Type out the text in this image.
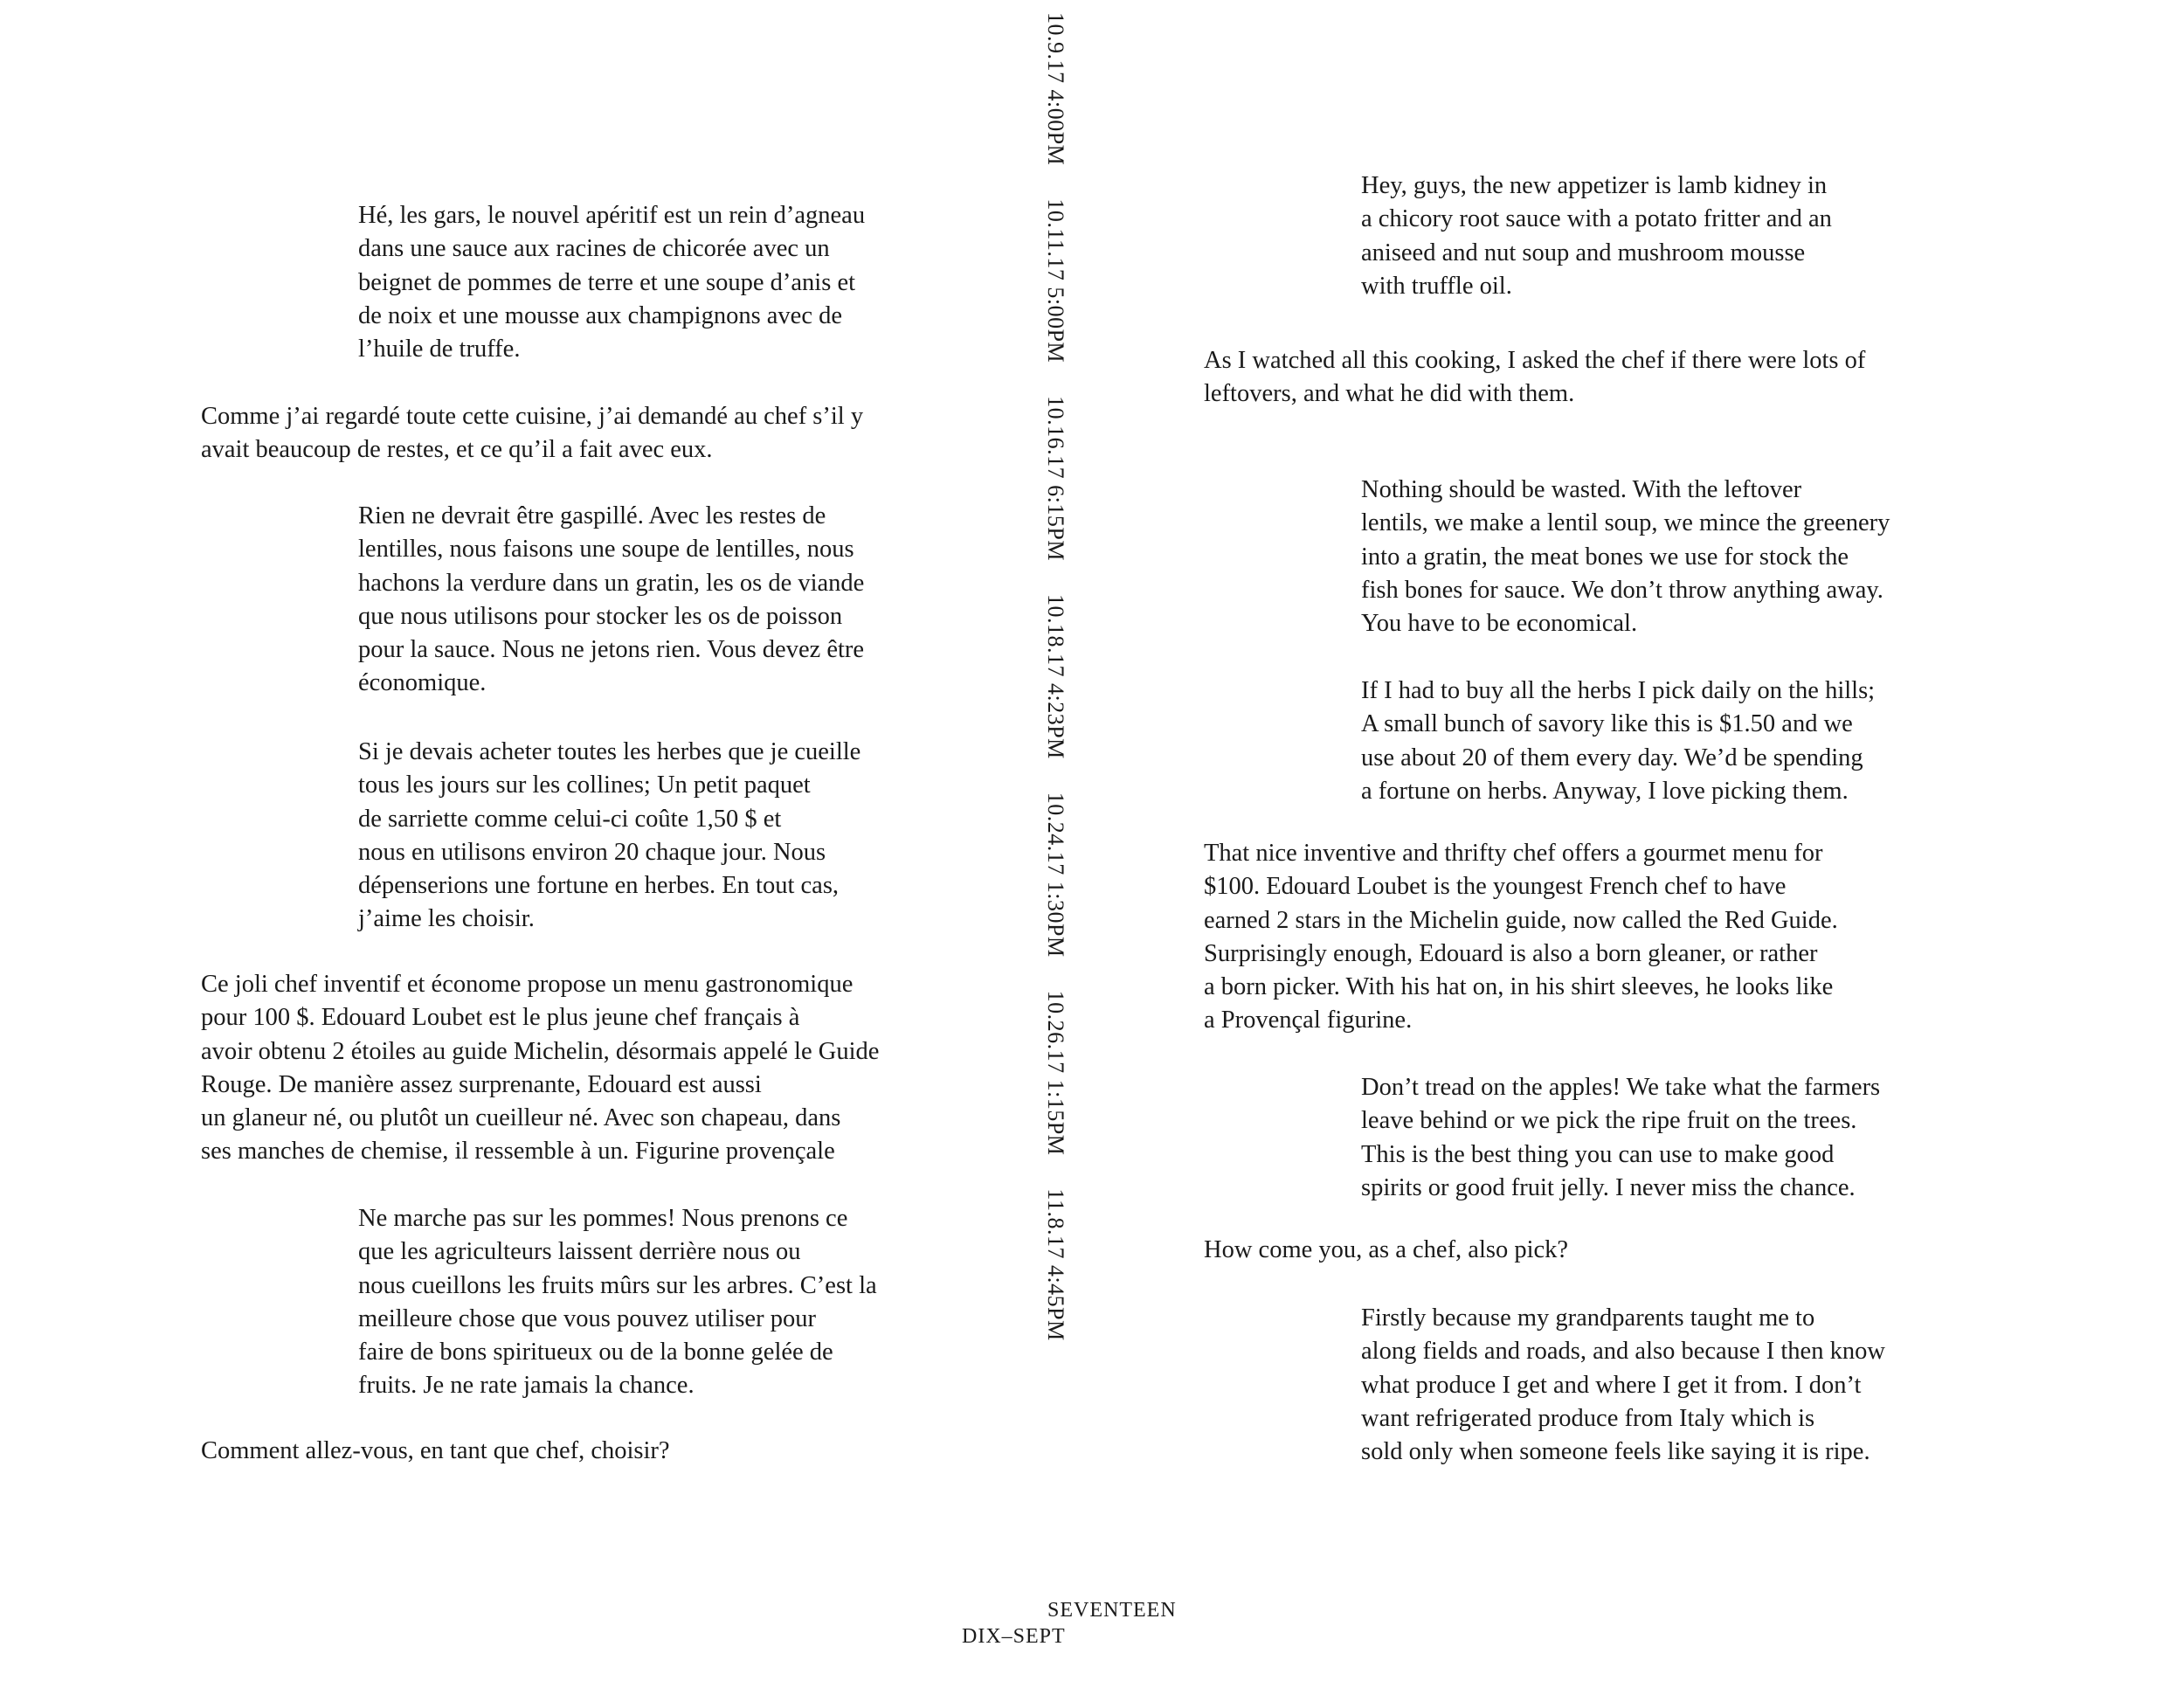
Hé, les gars, le nouvel apéritif est un rein d’agneau
dans une sauce aux racines de chicorée avec un
beignet de pommes de terre et une soupe d’anis et
de noix et une mousse aux champignons avec de
l’huile de truffe.
Comme j’ai regardé toute cette cuisine, j’ai demandé au chef s’il y
avait beaucoup de restes, et ce qu’il a fait avec eux.
Rien ne devrait être gaspillé. Avec les restes de
lentilles, nous faisons une soupe de lentilles, nous
hachons la verdure dans un gratin, les os de viande
que nous utilisons pour stocker les os de poisson
pour la sauce. Nous ne jetons rien. Vous devez être
économique.
Si je devais acheter toutes les herbes que je cueille
tous les jours sur les collines; Un petit paquet
de sarriette comme celui-ci coûte 1,50 $ et
nous en utilisons environ 20 chaque jour. Nous
dépenserions une fortune en herbes. En tout cas,
j’aime les choisir.
Ce joli chef inventif et économe propose un menu gastronomique
pour 100 $. Edouard Loubet est le plus jeune chef français à
avoir obtenu 2 étoiles au guide Michelin, désormais appelé le Guide
Rouge. De manière assez surprenante, Edouard est aussi
un glaneur né, ou plutôt un cueilleur né. Avec son chapeau, dans
ses manches de chemise, il ressemble à un. Figurine provençale
Ne marche pas sur les pommes! Nous prenons ce
que les agriculteurs laissent derrière nous ou
nous cueillons les fruits mûrs sur les arbres. C’est la
meilleure chose que vous pouvez utiliser pour
faire de bons spiritueux ou de la bonne gelée de
fruits. Je ne rate jamais la chance.
Comment allez-vous, en tant que chef, choisir?
10.9.17 4:00PM10.11.17 5:00PM10.16.17 6:15PM10.18.17 4:23PM10.24.17 1:30PM10.26.17 1:15PM11.8.17 4:45PM
Hey, guys, the new appetizer is lamb kidney in
a chicory root sauce with a potato fritter and an
aniseed and nut soup and mushroom mousse
with truffle oil.
As I watched all this cooking, I asked the chef if there were lots of
leftovers, and what he did with them.
Nothing should be wasted. With the leftover
lentils, we make a lentil soup, we mince the greenery
into a gratin, the meat bones we use for stock the
fish bones for sauce. We don’t throw anything away.
You have to be economical.
If I had to buy all the herbs I pick daily on the hills;
A small bunch of savory like this is $1.50 and we
use about 20 of them every day. We’d be spending
a fortune on herbs. Anyway, I love picking them.
That nice inventive and thrifty chef offers a gourmet menu for
$100. Edouard Loubet is the youngest French chef to have
earned 2 stars in the Michelin guide, now called the Red Guide.
Surprisingly enough, Edouard is also a born gleaner, or rather
a born picker. With his hat on, in his shirt sleeves, he looks like
a Provençal figurine.
Don’t tread on the apples! We take what the farmers
leave behind or we pick the ripe fruit on the trees.
This is the best thing you can use to make good
spirits or good fruit jelly. I never miss the chance.
How come you, as a chef, also pick?
Firstly because my grandparents taught me to
along fields and roads, and also because I then know
what produce I get and where I get it from. I don’t
want refrigerated produce from Italy which is
sold only when someone feels like saying it is ripe.
SEVENTEEN
DIX–SEPT
